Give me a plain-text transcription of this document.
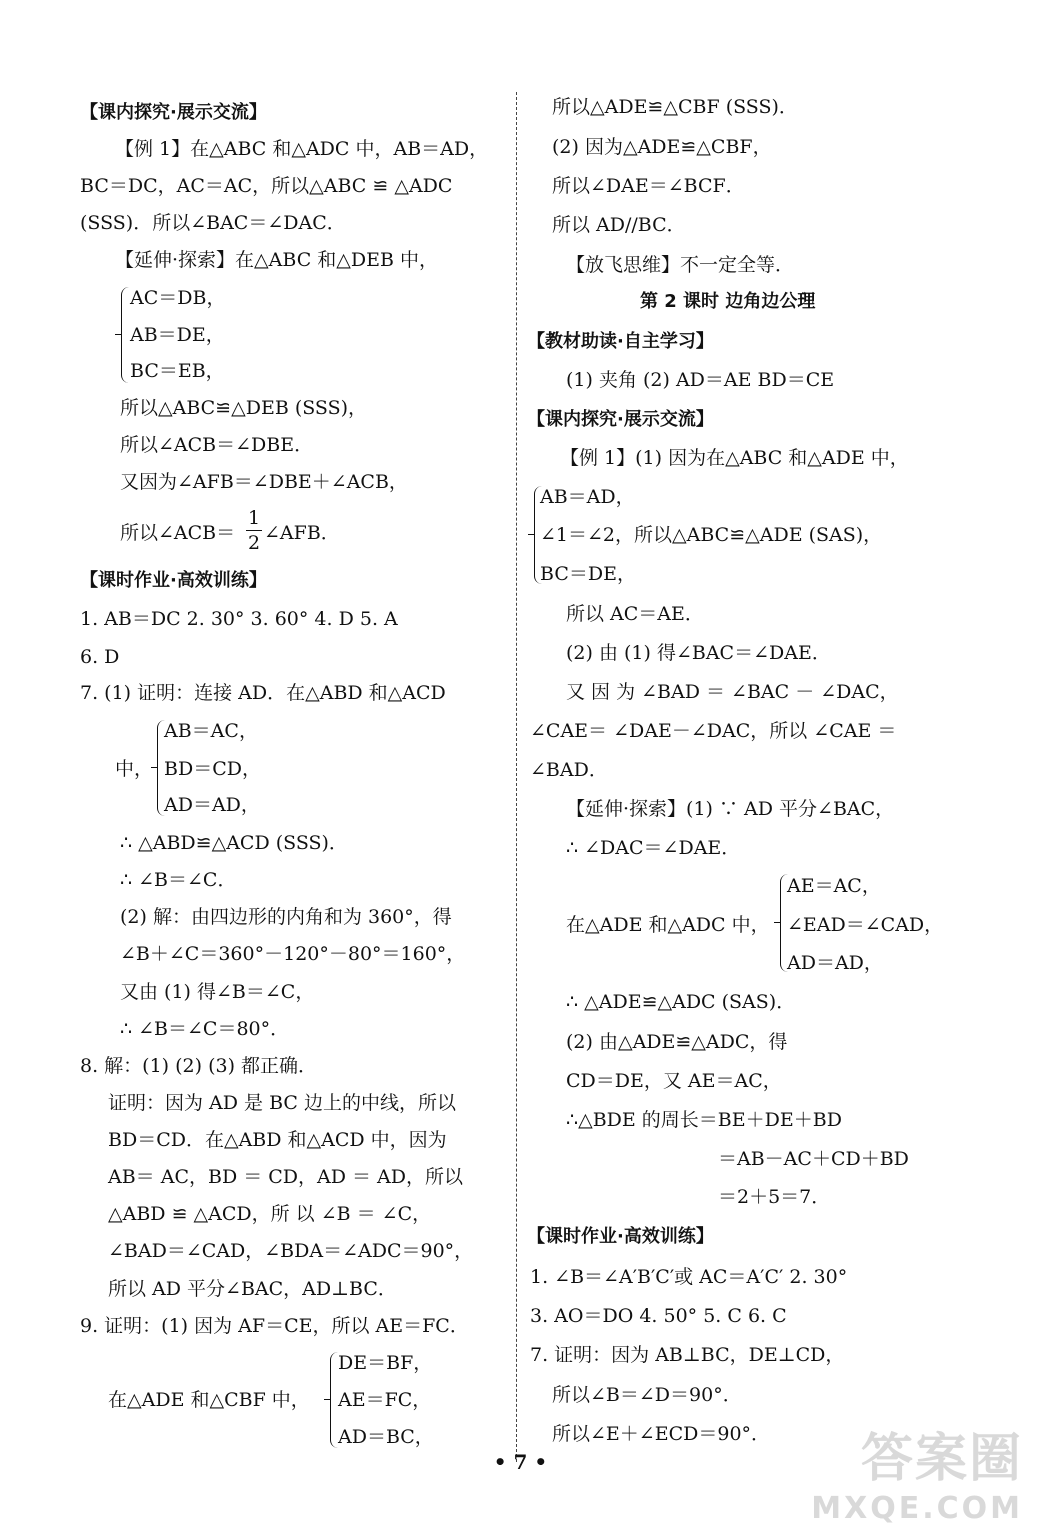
【课内探究·展示交流】
【例 1】在△ABC 和△ADC 中，AB＝AD，
BC＝DC，AC＝AC，所以△ABC ≌ △ADC
(SSS)．所以∠BAC＝∠DAC．
【延伸·探索】在△ABC 和△DEB 中，
AC＝DB，
AB＝DE，
BC＝EB，
所以△ABC≌△DEB (SSS)，
所以∠ACB＝∠DBE．
又因为∠AFB＝∠DBE＋∠ACB，
所以∠ACB＝ $\frac{1}{2}$ ∠AFB．
【课时作业·高效训练】
1. AB＝DC 2. 30° 3. 60° 4. D 5. A
6. D
7. (1) 证明：连接 AD．在△ABD 和△ACD
AB＝AC，
中， BD＝CD，
AD＝AD，
∴ △ABD≌△ACD (SSS)．
∴ ∠B＝∠C．
(2) 解：由四边形的内角和为 360°，得
∠B＋∠C＝360°－120°－80°＝160°，
又由 (1) 得∠B＝∠C，
∴ ∠B＝∠C＝80°．
8. 解：(1) (2) (3) 都正确．
证明：因为 AD 是 BC 边上的中线，所以
BD＝CD．在△ABD 和△ACD 中，因为
AB＝ AC，BD ＝ CD，AD ＝ AD，所以
△ABD ≌ △ACD，所 以 ∠B ＝ ∠C，
∠BAD＝∠CAD，∠BDA＝∠ADC＝90°，
所以 AD 平分∠BAC，AD⊥BC．
9. 证明：(1) 因为 AF＝CE，所以 AE＝FC．
DE＝BF，
在△ADE 和△CBF 中， AE＝FC，
AD＝BC，
所以△ADE≌△CBF (SSS)．
(2) 因为△ADE≌△CBF，
所以∠DAE＝∠BCF．
所以 AD//BC．
【放飞思维】不一定全等．
第 2 课时 边角边公理
【教材助读·自主学习】
(1) 夹角 (2) AD＝AE BD＝CE
【课内探究·展示交流】
【例 1】(1) 因为在△ABC 和△ADE 中，
AB＝AD，
∠1＝∠2，所以△ABC≌△ADE (SAS)，
BC＝DE，
所以 AC＝AE．
(2) 由 (1) 得∠BAC＝∠DAE．
又 因 为 ∠BAD ＝ ∠BAC － ∠DAC，
∠CAE＝ ∠DAE－∠DAC，所以 ∠CAE ＝
∠BAD．
【延伸·探索】(1) ∵ AD 平分∠BAC，
∴ ∠DAC＝∠DAE．
AE＝AC，
在△ADE 和△ADC 中， ∠EAD＝∠CAD，
AD＝AD，
∴ △ADE≌△ADC (SAS)．
(2) 由△ADE≌△ADC，得
CD＝DE，又 AE＝AC，
∴△BDE 的周长＝BE＋DE＋BD
＝AB－AC＋CD＋BD
＝2＋5＝7．
【课时作业·高效训练】
1. ∠B＝∠A′B′C′或 AC＝A′C′ 2. 30°
3. AO＝DO 4. 50° 5. C 6. C
7. 证明：因为 AB⊥BC，DE⊥CD，
所以∠B＝∠D＝90°．
所以∠E＋∠ECD＝90°．
• 7 •	答案圈
MXQE.COM
